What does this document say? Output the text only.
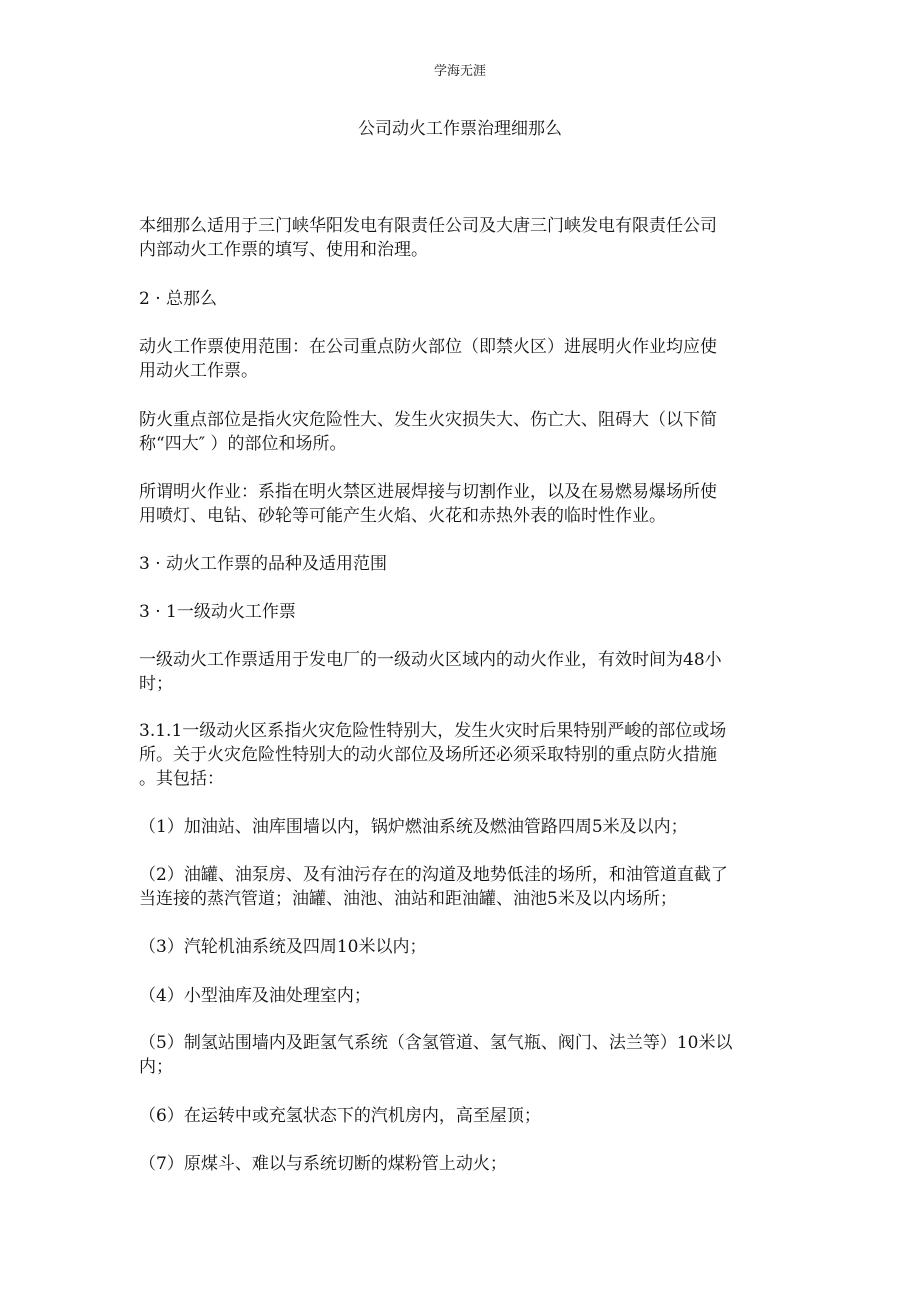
学海无涯
公司动火工作票治理细那么
本细那么适用于三门峡华阳发电有限责任公司及大唐三门峡发电有限责任公司
内部动火工作票的填写、使用和治理。
2 · 总那么
动火工作票使用范围：在公司重点防火部位（即禁火区）进展明火作业均应使
用动火工作票。
防火重点部位是指火灾危险性大、发生火灾损失大、伤亡大、阻碍大（以下简
称“四大″ ）的部位和场所。
所谓明火作业：系指在明火禁区进展焊接与切割作业，以及在易燃易爆场所使
用喷灯、电钻、砂轮等可能产生火焰、火花和赤热外表的临时性作业。
3 · 动火工作票的品种及适用范围
3 · 1一级动火工作票
一级动火工作票适用于发电厂的一级动火区域内的动火作业，有效时间为48小
时；
3.1.1一级动火区系指火灾危险性特别大，发生火灾时后果特别严峻的部位或场
所。关于火灾危险性特别大的动火部位及场所还必须采取特别的重点防火措施
。其包括：
（1）加油站、油库围墙以内，锅炉燃油系统及燃油管路四周5米及以内；
（2）油罐、油泵房、及有油污存在的沟道及地势低洼的场所，和油管道直截了
当连接的蒸汽管道；油罐、油池、油站和距油罐、油池5米及以内场所；
（3）汽轮机油系统及四周10米以内；
（4）小型油库及油处理室内；
（5）制氢站围墙内及距氢气系统（含氢管道、氢气瓶、阀门、法兰等）10米以
内；
（6）在运转中或充氢状态下的汽机房内，高至屋顶；
（7）原煤斗、难以与系统切断的煤粉管上动火；
